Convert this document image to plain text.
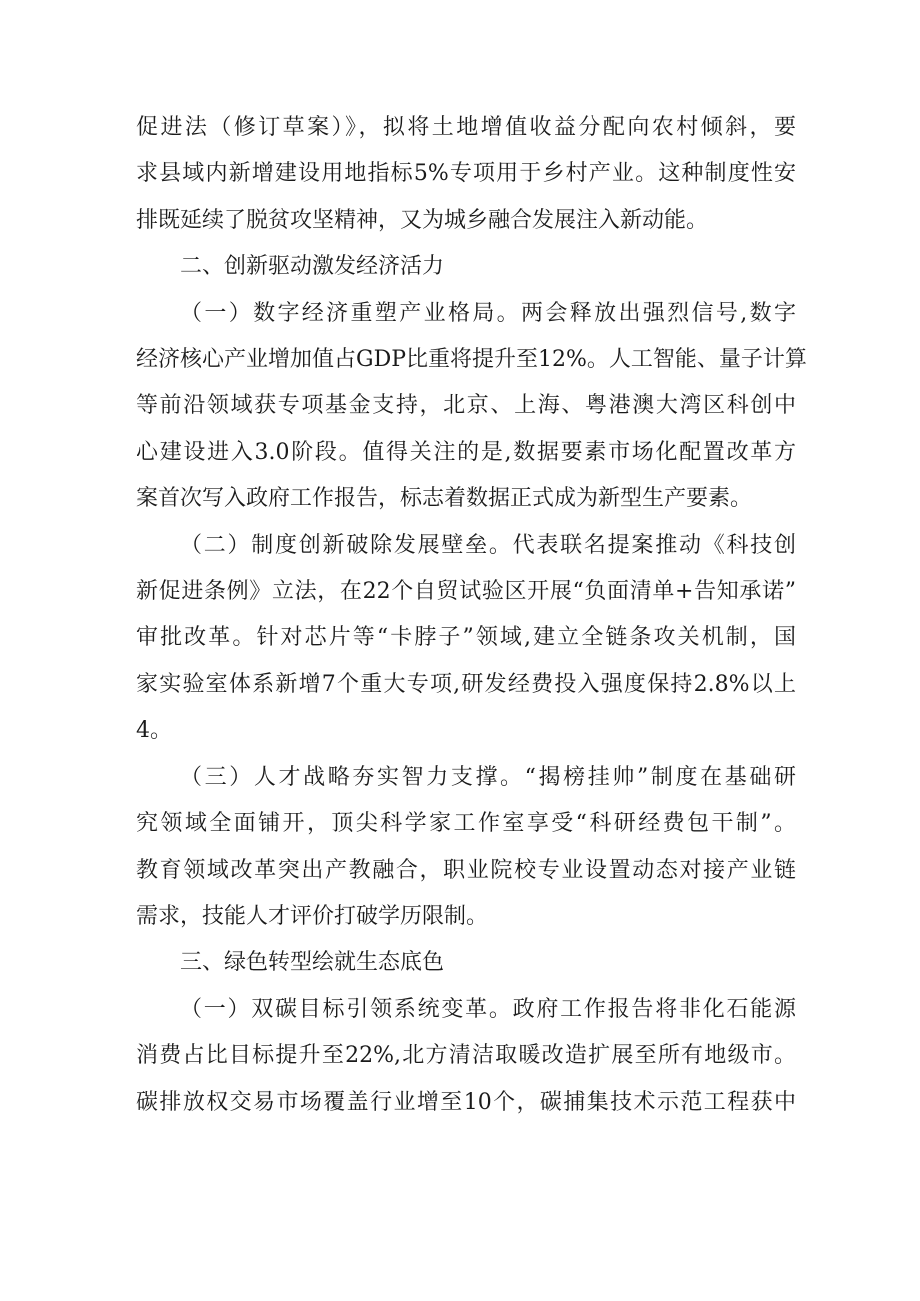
促进法（修订草案）》，拟将土地增值收益分配向农村倾斜，要
求县域内新增建设用地指标5%专项用于乡村产业。这种制度性安
排既延续了脱贫攻坚精神，又为城乡融合发展注入新动能。

二、创新驱动激发经济活力

（一）数字经济重塑产业格局。两会释放出强烈信号,数字
经济核心产业增加值占GDP比重将提升至12%。人工智能、量子计算
等前沿领域获专项基金支持，北京、上海、粤港澳大湾区科创中
心建设进入3.0阶段。值得关注的是,数据要素市场化配置改革方
案首次写入政府工作报告，标志着数据正式成为新型生产要素。

（二）制度创新破除发展壁垒。代表联名提案推动《科技创
新促进条例》立法，在22个自贸试验区开展“负面清单+告知承诺”
审批改革。针对芯片等“卡脖子”领域,建立全链条攻关机制，国
家实验室体系新增7个重大专项,研发经费投入强度保持2.8%以上
4。

（三）人才战略夯实智力支撑。“揭榜挂帅”制度在基础研
究领域全面铺开，顶尖科学家工作室享受“科研经费包干制”。
教育领域改革突出产教融合，职业院校专业设置动态对接产业链
需求，技能人才评价打破学历限制。

三、绿色转型绘就生态底色

（一）双碳目标引领系统变革。政府工作报告将非化石能源
消费占比目标提升至22%,北方清洁取暖改造扩展至所有地级市。
碳排放权交易市场覆盖行业增至10个，碳捕集技术示范工程获中
